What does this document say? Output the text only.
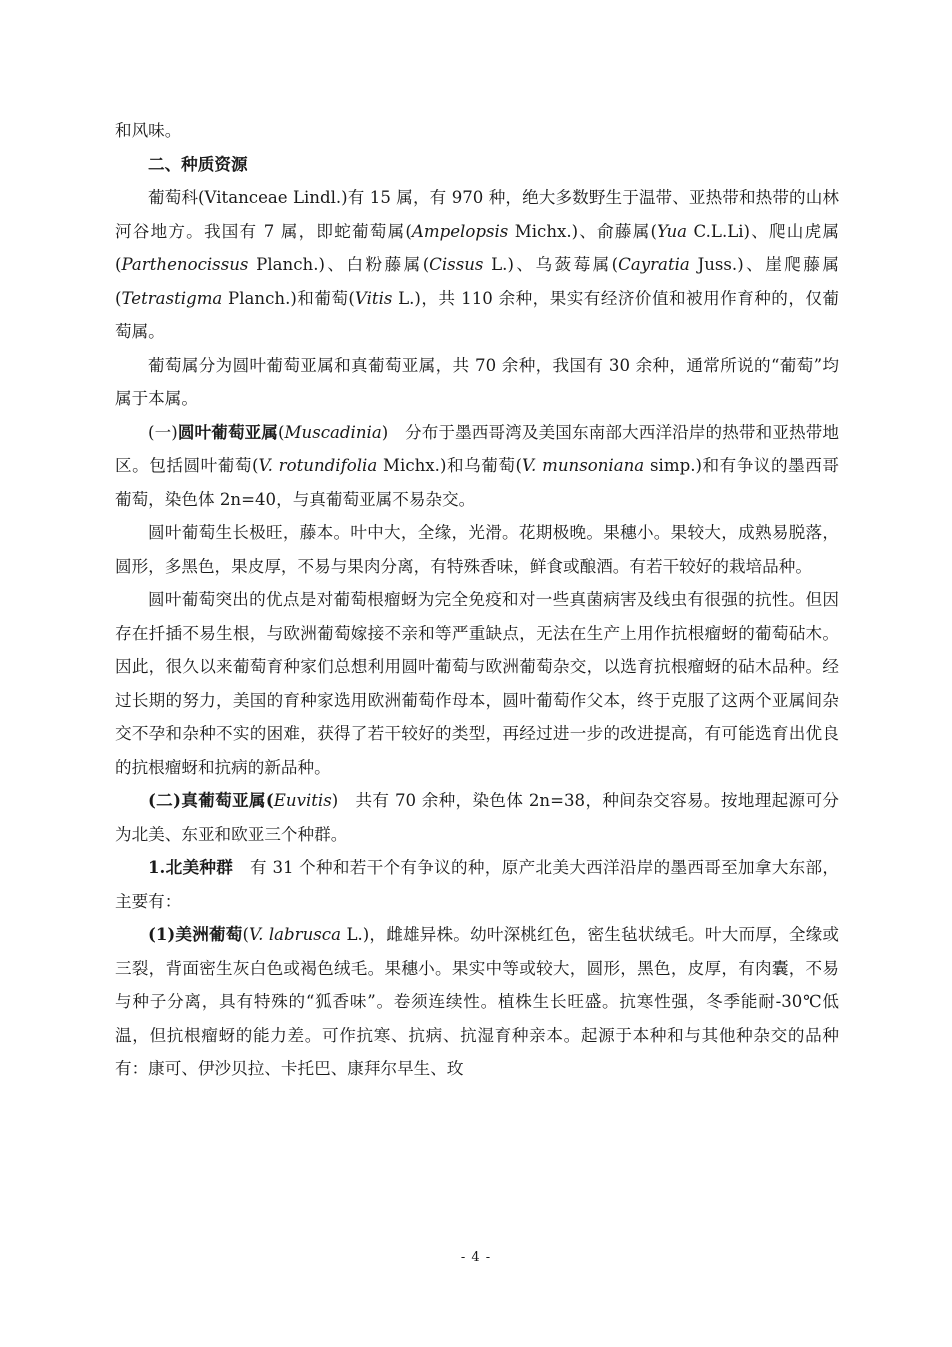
和风味。

二、种质资源

葡萄科(Vitanceae Lindl.)有 15 属，有 970 种，绝大多数野生于温带、亚热带和热带的山林河谷地方。我国有 7 属，即蛇葡萄属(Ampelopsis Michx.)、俞藤属(Yua C.L.Li)、爬山虎属(Parthenocissus Planch.)、白粉藤属(Cissus L.)、乌蔹莓属(Cayratia Juss.)、崖爬藤属(Tetrastigma Planch.)和葡萄(Vitis L.)，共 110 余种，果实有经济价值和被用作育种的，仅葡萄属。

葡萄属分为圆叶葡萄亚属和真葡萄亚属，共 70 余种，我国有 30 余种，通常所说的“葡萄”均属于本属。

(一)圆叶葡萄亚属(Muscadinia)　分布于墨西哥湾及美国东南部大西洋沿岸的热带和亚热带地区。包括圆叶葡萄(V. rotundifolia Michx.)和乌葡萄(V. munsoniana simp.)和有争议的墨西哥葡萄，染色体 2n=40，与真葡萄亚属不易杂交。

圆叶葡萄生长极旺，藤本。叶中大，全缘，光滑。花期极晚。果穗小。果较大，成熟易脱落，圆形，多黑色，果皮厚，不易与果肉分离，有特殊香味，鲜食或酿酒。有若干较好的栽培品种。

圆叶葡萄突出的优点是对葡萄根瘤蚜为完全免疫和对一些真菌病害及线虫有很强的抗性。但因存在扦插不易生根，与欧洲葡萄嫁接不亲和等严重缺点，无法在生产上用作抗根瘤蚜的葡萄砧木。因此，很久以来葡萄育种家们总想利用圆叶葡萄与欧洲葡萄杂交，以选育抗根瘤蚜的砧木品种。经过长期的努力，美国的育种家选用欧洲葡萄作母本，圆叶葡萄作父本，终于克服了这两个亚属间杂交不孕和杂种不实的困难，获得了若干较好的类型，再经过进一步的改进提高，有可能选育出优良的抗根瘤蚜和抗病的新品种。

(二)真葡萄亚属(Euvitis)　共有 70 余种，染色体 2n=38，种间杂交容易。按地理起源可分为北美、东亚和欧亚三个种群。

1.北美种群　有 31 个种和若干个有争议的种，原产北美大西洋沿岸的墨西哥至加拿大东部，主要有：

(1)美洲葡萄(V. labrusca L.)，雌雄异株。幼叶深桃红色，密生毡状绒毛。叶大而厚，全缘或三裂，背面密生灰白色或褐色绒毛。果穗小。果实中等或较大，圆形，黑色，皮厚，有肉囊，不易与种子分离，具有特殊的“狐香味”。卷须连续性。植株生长旺盛。抗寒性强，冬季能耐-30℃低温，但抗根瘤蚜的能力差。可作抗寒、抗病、抗湿育种亲本。起源于本种和与其他种杂交的品种有：康可、伊沙贝拉、卡托巴、康拜尔早生、玫

- 4 -
